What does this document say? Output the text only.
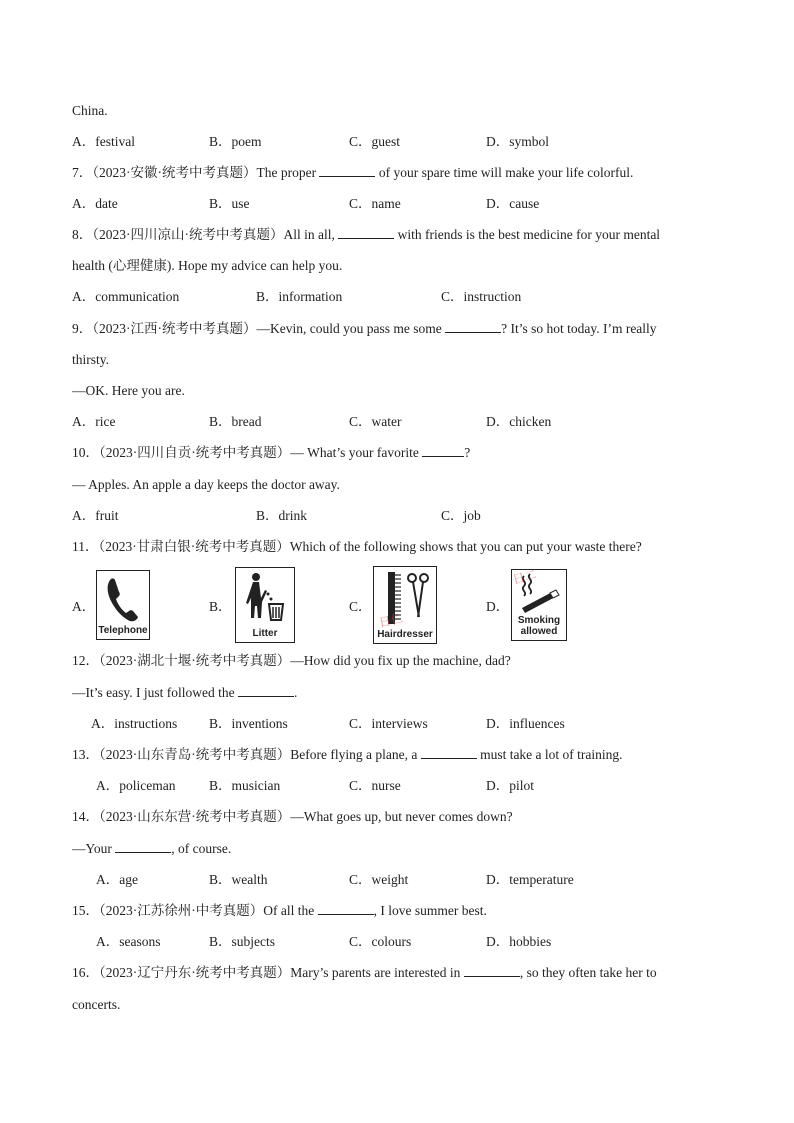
China.
A．festival	B．poem	C．guest	D．symbol
7．（2023·安徽·统考中考真题）The proper	of your spare time will make your life colorful.
A．date	B．use	C．name	D．cause
8．（2023·四川凉山·统考中考真题）All in all,	with friends is the best medicine for your mental
health (心理健康). Hope my advice can help you.
A．communication	B．information	C．instruction
9．（2023·江西·统考中考真题）—Kevin, could you pass me some	? It’s so hot today. I’m really
thirsty.
—OK. Here you are.
A．rice	B．bread	C．water	D．chicken
10．（2023·四川自贡·统考中考真题）— What’s your favorite	?
— Apples. An apple a day keeps the doctor away.
A．fruit	B．drink	C．job
11．（2023·甘肃白银·统考中考真题）Which of the following shows that you can put your waste there?
A．
Telephone
B．
Litter
C．
日仁
Hairdresser
D．
日二
Smoking allowed
12．（2023·湖北十堰·统考中考真题）—How did you fix up the machine, dad?
—It’s easy. I just followed the	.
A．instructions B．inventions	C．interviews	D．influences
13．（2023·山东青岛·统考中考真题）Before flying a plane, a	must take a lot of training.
A．policeman B．musician	C．nurse	D．pilot
14．（2023·山东东营·统考中考真题）—What goes up, but never comes down?
—Your	, of course.
A．age	B．wealth	C．weight	D．temperature
15．（2023·江苏徐州·中考真题）Of all the	, I love summer best.
A．seasons	B．subjects	C．colours	D．hobbies
16．（2023·辽宁丹东·统考中考真题）Mary’s parents are interested in	, so they often take her to
concerts.
